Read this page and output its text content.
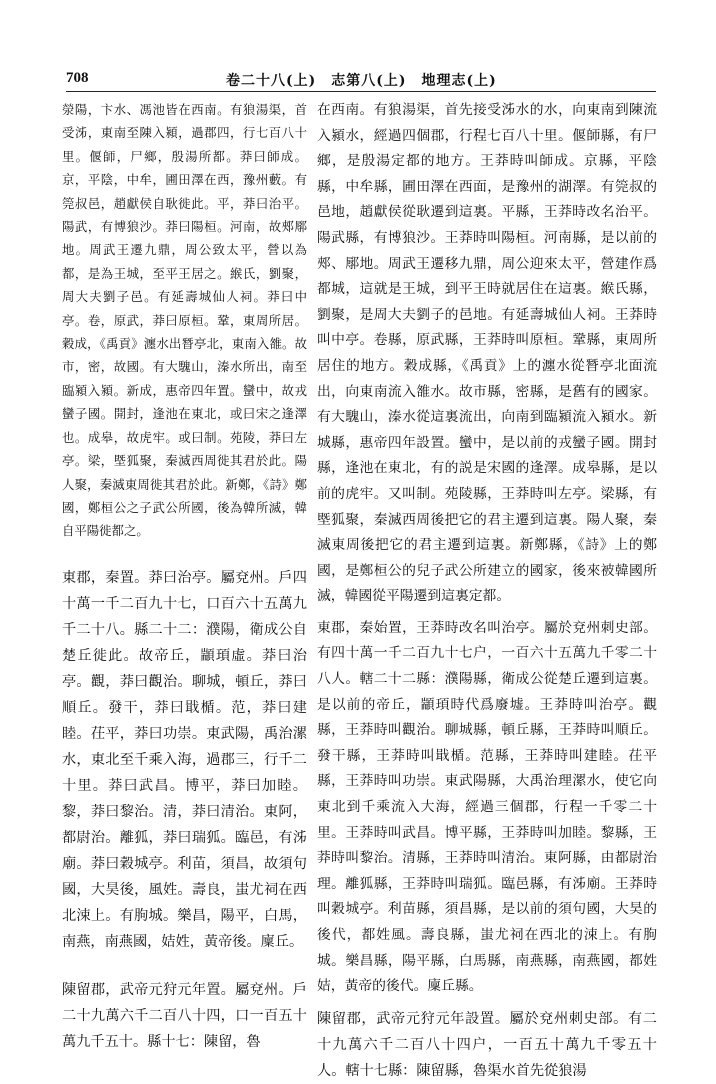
708	卷二十八(上)　志第八(上)　地理志(上)

滎陽，卞水、馮池皆在西南。有狼湯渠，首受泲，東南至陳入潁，過郡四，行七百八十里。偃師，尸鄉，殷湯所都。莽曰師成。京，平陰，中牟，圃田澤在西，豫州藪。有筦叔邑，趙獻侯自耿徙此。平，莽曰治平。陽武，有博狼沙。莽曰陽桓。河南，故郟鄏地。周武王遷九鼎，周公致太平，營以為都，是為王城，至平王居之。緱氏，劉聚，周大夫劉子邑。有延壽城仙人祠。莽曰中亭。卷，原武，莽曰原桓。鞏，東周所居。穀成，《禹貢》瀍水出朁亭北，東南入雒。故市，密，故國。有大騩山，溱水所出，南至臨潁入潁。新成，惠帝四年置。蠻中，故戎蠻子國。開封，逢池在東北，或曰宋之逢澤也。成皋，故虎牢。或曰制。苑陵，莽曰左亭。梁，塈狐聚，秦滅西周徙其君於此。陽人聚，秦滅東周徙其君於此。新鄭，《詩》鄭國，鄭桓公之子武公所國，後為韓所滅，韓自平陽徙都之。

東郡，秦置。莽曰治亭。屬兗州。戶四十萬一千二百九十七，口百六十五萬九千二十八。縣二十二：濮陽，衛成公自楚丘徙此。故帝丘，顓頊虛。莽曰治亭。觀，莽曰觀治。聊城，頓丘，莽曰順丘。發干，莽曰戢楯。范，莽曰建睦。茌平，莽曰功崇。東武陽，禹治漯水，東北至千乘入海，過郡三，行千二十里。莽曰武昌。博平，莽曰加睦。黎，莽曰黎治。清，莽曰清治。東阿，都尉治。離狐，莽曰瑞狐。臨邑，有泲廟。莽曰穀城亭。利苗，須昌，故須句國，大昊後，風姓。壽良，蚩尤祠在西北涑上。有朐城。樂昌，陽平，白馬，南燕，南燕國，姞姓，黃帝後。廩丘。

陳留郡，武帝元狩元年置。屬兗州。戶二十九萬六千二百八十四，口一百五十萬九千五十。縣十七：陳留，魯

在西南。有狼湯渠，首先接受泲水的水，向東南到陳流入潁水，經過四個郡，行程七百八十里。偃師縣，有尸鄉，是殷湯定都的地方。王莽時叫師成。京縣，平陰縣，中牟縣，圃田澤在西面，是豫州的湖澤。有筦叔的邑地，趙獻侯從耿遷到這裏。平縣，王莽時改名治平。陽武縣，有博狼沙。王莽時叫陽桓。河南縣，是以前的郟、鄏地。周武王遷移九鼎，周公迎來太平，營建作爲都城，這就是王城，到平王時就居住在這裏。緱氏縣，劉聚，是周大夫劉子的邑地。有延壽城仙人祠。王莽時叫中亭。卷縣，原武縣，王莽時叫原桓。鞏縣，東周所居住的地方。穀成縣，《禹貢》上的瀍水從朁亭北面流出，向東南流入雒水。故市縣，密縣，是舊有的國家。有大騩山，溱水從這裏流出，向南到臨潁流入潁水。新城縣，惠帝四年設置。蠻中，是以前的戎蠻子國。開封縣，逢池在東北，有的説是宋國的逢澤。成皋縣，是以前的虎牢。又叫制。苑陵縣，王莽時叫左亭。梁縣，有塈狐聚，秦滅西周後把它的君主遷到這裏。陽人聚，秦滅東周後把它的君主遷到這裏。新鄭縣，《詩》上的鄭國，是鄭桓公的兒子武公所建立的國家，後來被韓國所滅，韓國從平陽遷到這裏定都。

東郡，秦始置，王莽時改名叫治亭。屬於兗州刺史部。有四十萬一千二百九十七户，一百六十五萬九千零二十八人。轄二十二縣：濮陽縣，衛成公從楚丘遷到這裏。是以前的帝丘，顓頊時代爲廢墟。王莽時叫治亭。觀縣，王莽時叫觀治。聊城縣，頓丘縣，王莽時叫順丘。發干縣，王莽時叫戢楯。范縣，王莽時叫建睦。茌平縣，王莽時叫功崇。東武陽縣，大禹治理漯水，使它向東北到千乘流入大海，經過三個郡，行程一千零二十里。王莽時叫武昌。博平縣，王莽時叫加睦。黎縣，王莽時叫黎治。清縣，王莽時叫清治。東阿縣，由都尉治理。離狐縣，王莽時叫瑞狐。臨邑縣，有泲廟。王莽時叫穀城亭。利苗縣，須昌縣，是以前的須句國，大昊的後代，都姓風。壽良縣，蚩尤祠在西北的涑上。有朐城。樂昌縣，陽平縣，白馬縣，南燕縣，南燕國，都姓姞，黃帝的後代。廩丘縣。

陳留郡，武帝元狩元年設置。屬於兗州刺史部。有二十九萬六千二百八十四户，一百五十萬九千零五十人。轄十七縣：陳留縣，魯渠水首先從狼湯
